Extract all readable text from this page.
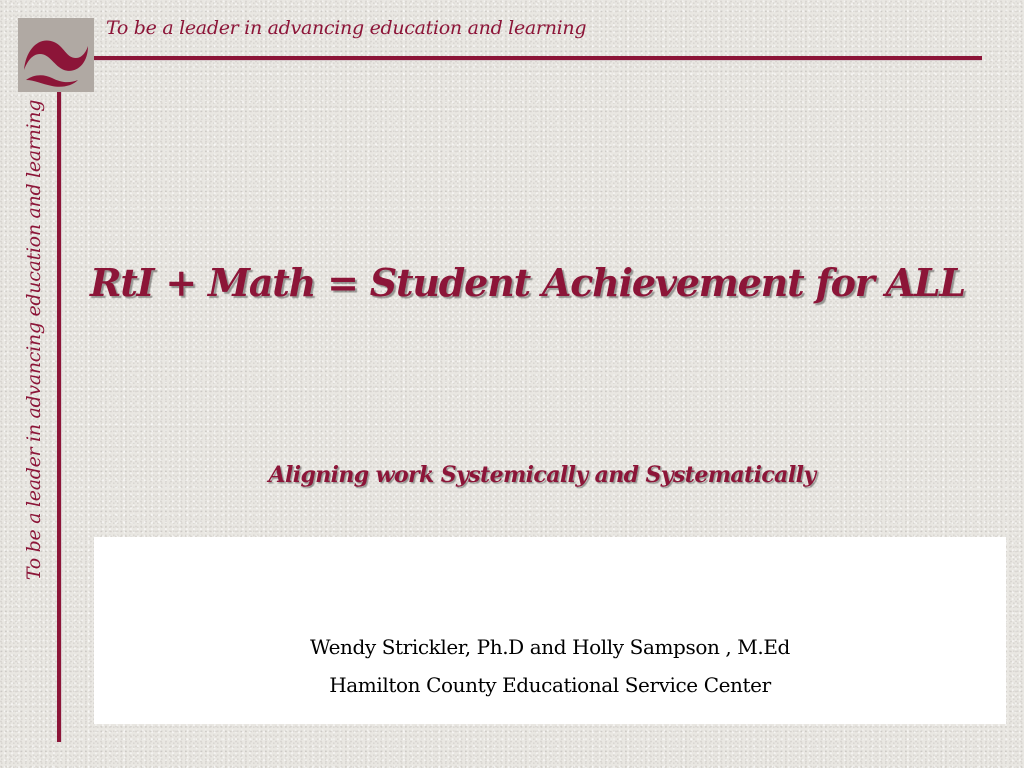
To be a leader in advancing education and learning
To be a leader in advancing education and learning RtI + Math = Student Achievement for ALL
Aligning work Systemically and Systematically
Wendy Strickler, Ph.D and Holly Sampson , M.Ed
Hamilton County Educational Service Center
